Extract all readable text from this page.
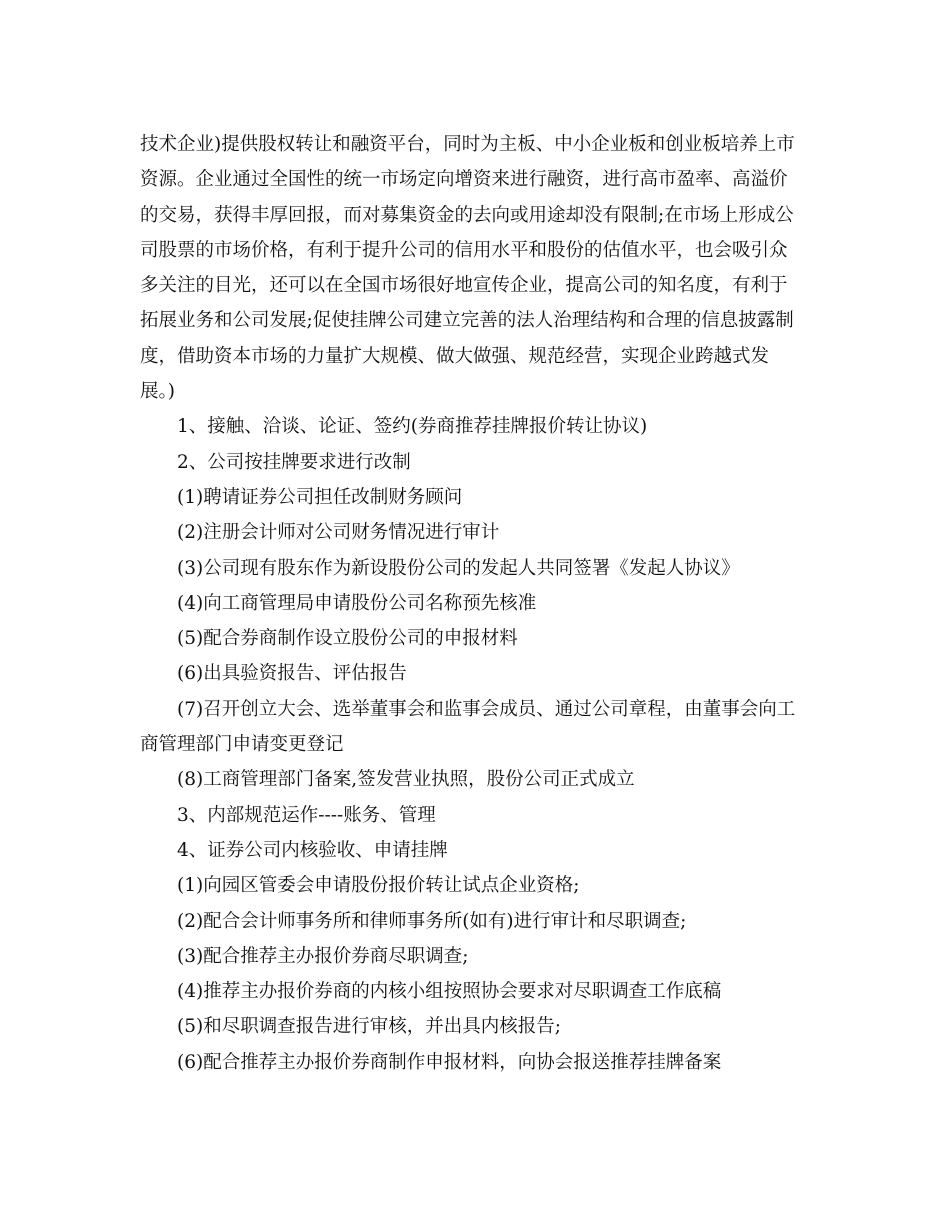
技术企业)提供股权转让和融资平台，同时为主板、中小企业板和创业板培养上市
资源。企业通过全国性的统一市场定向增资来进行融资，进行高市盈率、高溢价
的交易，获得丰厚回报，而对募集资金的去向或用途却没有限制;在市场上形成公
司股票的市场价格，有利于提升公司的信用水平和股份的估值水平，也会吸引众
多关注的目光，还可以在全国市场很好地宣传企业，提高公司的知名度，有利于
拓展业务和公司发展;促使挂牌公司建立完善的法人治理结构和合理的信息披露制
度，借助资本市场的力量扩大规模、做大做强、规范经营，实现企业跨越式发
展。)
1、接触、洽谈、论证、签约(券商推荐挂牌报价转让协议)
2、公司按挂牌要求进行改制
(1)聘请证券公司担任改制财务顾问
(2)注册会计师对公司财务情况进行审计
(3)公司现有股东作为新设股份公司的发起人共同签署《发起人协议》
(4)向工商管理局申请股份公司名称预先核准
(5)配合券商制作设立股份公司的申报材料
(6)出具验资报告、评估报告
(7)召开创立大会、选举董事会和监事会成员、通过公司章程，由董事会向工
商管理部门申请变更登记
(8)工商管理部门备案,签发营业执照，股份公司正式成立
3、内部规范运作----账务、管理
4、证券公司内核验收、申请挂牌
(1)向园区管委会申请股份报价转让试点企业资格;
(2)配合会计师事务所和律师事务所(如有)进行审计和尽职调查;
(3)配合推荐主办报价券商尽职调查;
(4)推荐主办报价券商的内核小组按照协会要求对尽职调查工作底稿
(5)和尽职调查报告进行审核，并出具内核报告;
(6)配合推荐主办报价券商制作申报材料，向协会报送推荐挂牌备案
